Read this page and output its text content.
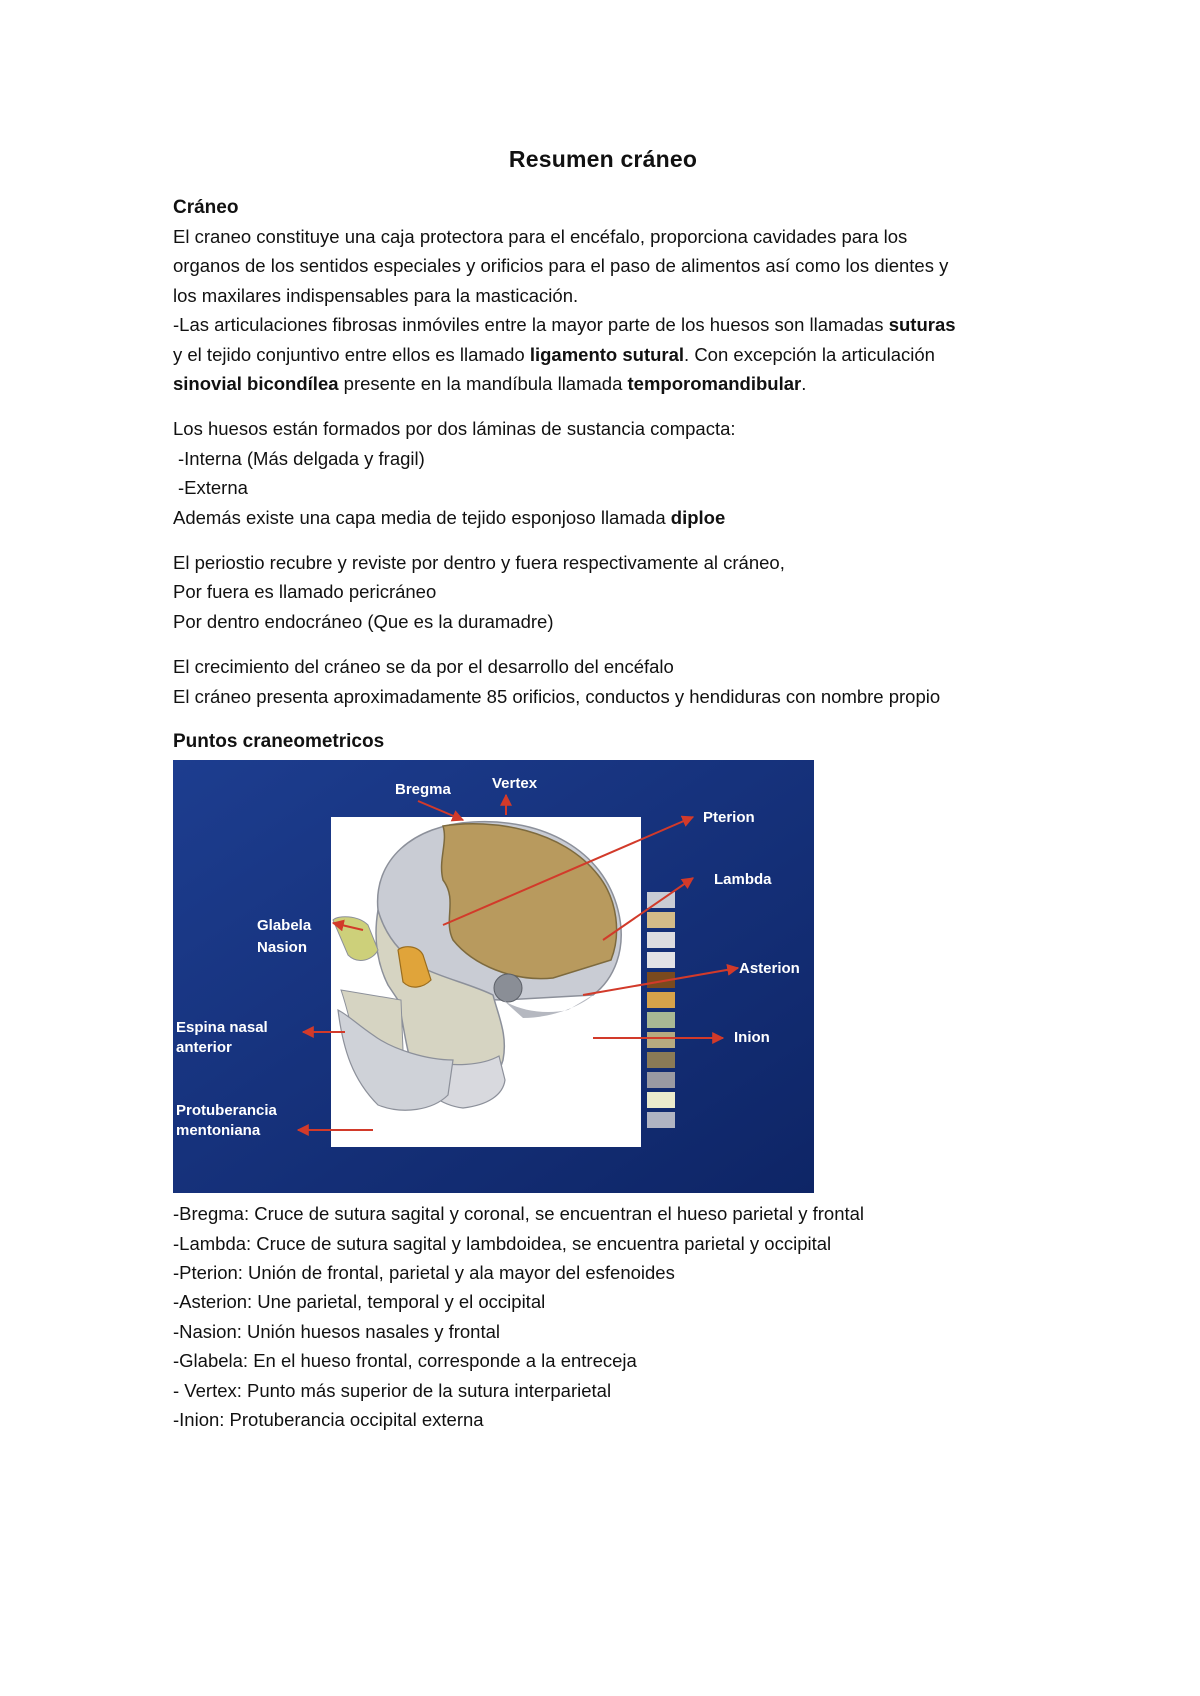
Resumen cráneo
Cráneo
El craneo constituye una caja protectora para el encéfalo, proporciona cavidades para los
organos de los sentidos especiales y orificios para el paso de alimentos así como los dientes y
los maxilares indispensables para la masticación.
-Las articulaciones fibrosas inmóviles entre la mayor parte de los huesos son llamadas suturas
y el tejido conjuntivo entre ellos es llamado ligamento sutural. Con excepción la articulación
sinovial bicondílea presente en la mandíbula llamada temporomandibular.
Los huesos están formados por dos láminas de sustancia compacta:
-Interna (Más delgada y fragil)
-Externa
Además existe una capa media de tejido esponjoso llamada diploe
El periostio recubre y reviste por dentro y fuera respectivamente al cráneo,
Por fuera es llamado pericráneo
Por dentro endocráneo (Que es la duramadre)
El crecimiento del cráneo se da por el desarrollo del encéfalo
El cráneo presenta aproximadamente 85 orificios, conductos y hendiduras con nombre propio
Puntos craneometricos
Bregma	Vertex
Pterion
Lambda
Glabela
Nasion
Asterion
Espina nasal
anterior
Inion
Protuberancia
mentoniana
-Bregma: Cruce de sutura sagital y coronal, se encuentran el hueso parietal y frontal
-Lambda: Cruce de sutura sagital y lambdoidea, se encuentra parietal y occipital
-Pterion: Unión de frontal, parietal y ala mayor del esfenoides
-Asterion: Une parietal, temporal y el occipital
-Nasion: Unión huesos nasales y frontal
-Glabela: En el hueso frontal, corresponde a la entreceja
- Vertex: Punto más superior de la sutura interparietal
-Inion: Protuberancia occipital externa
